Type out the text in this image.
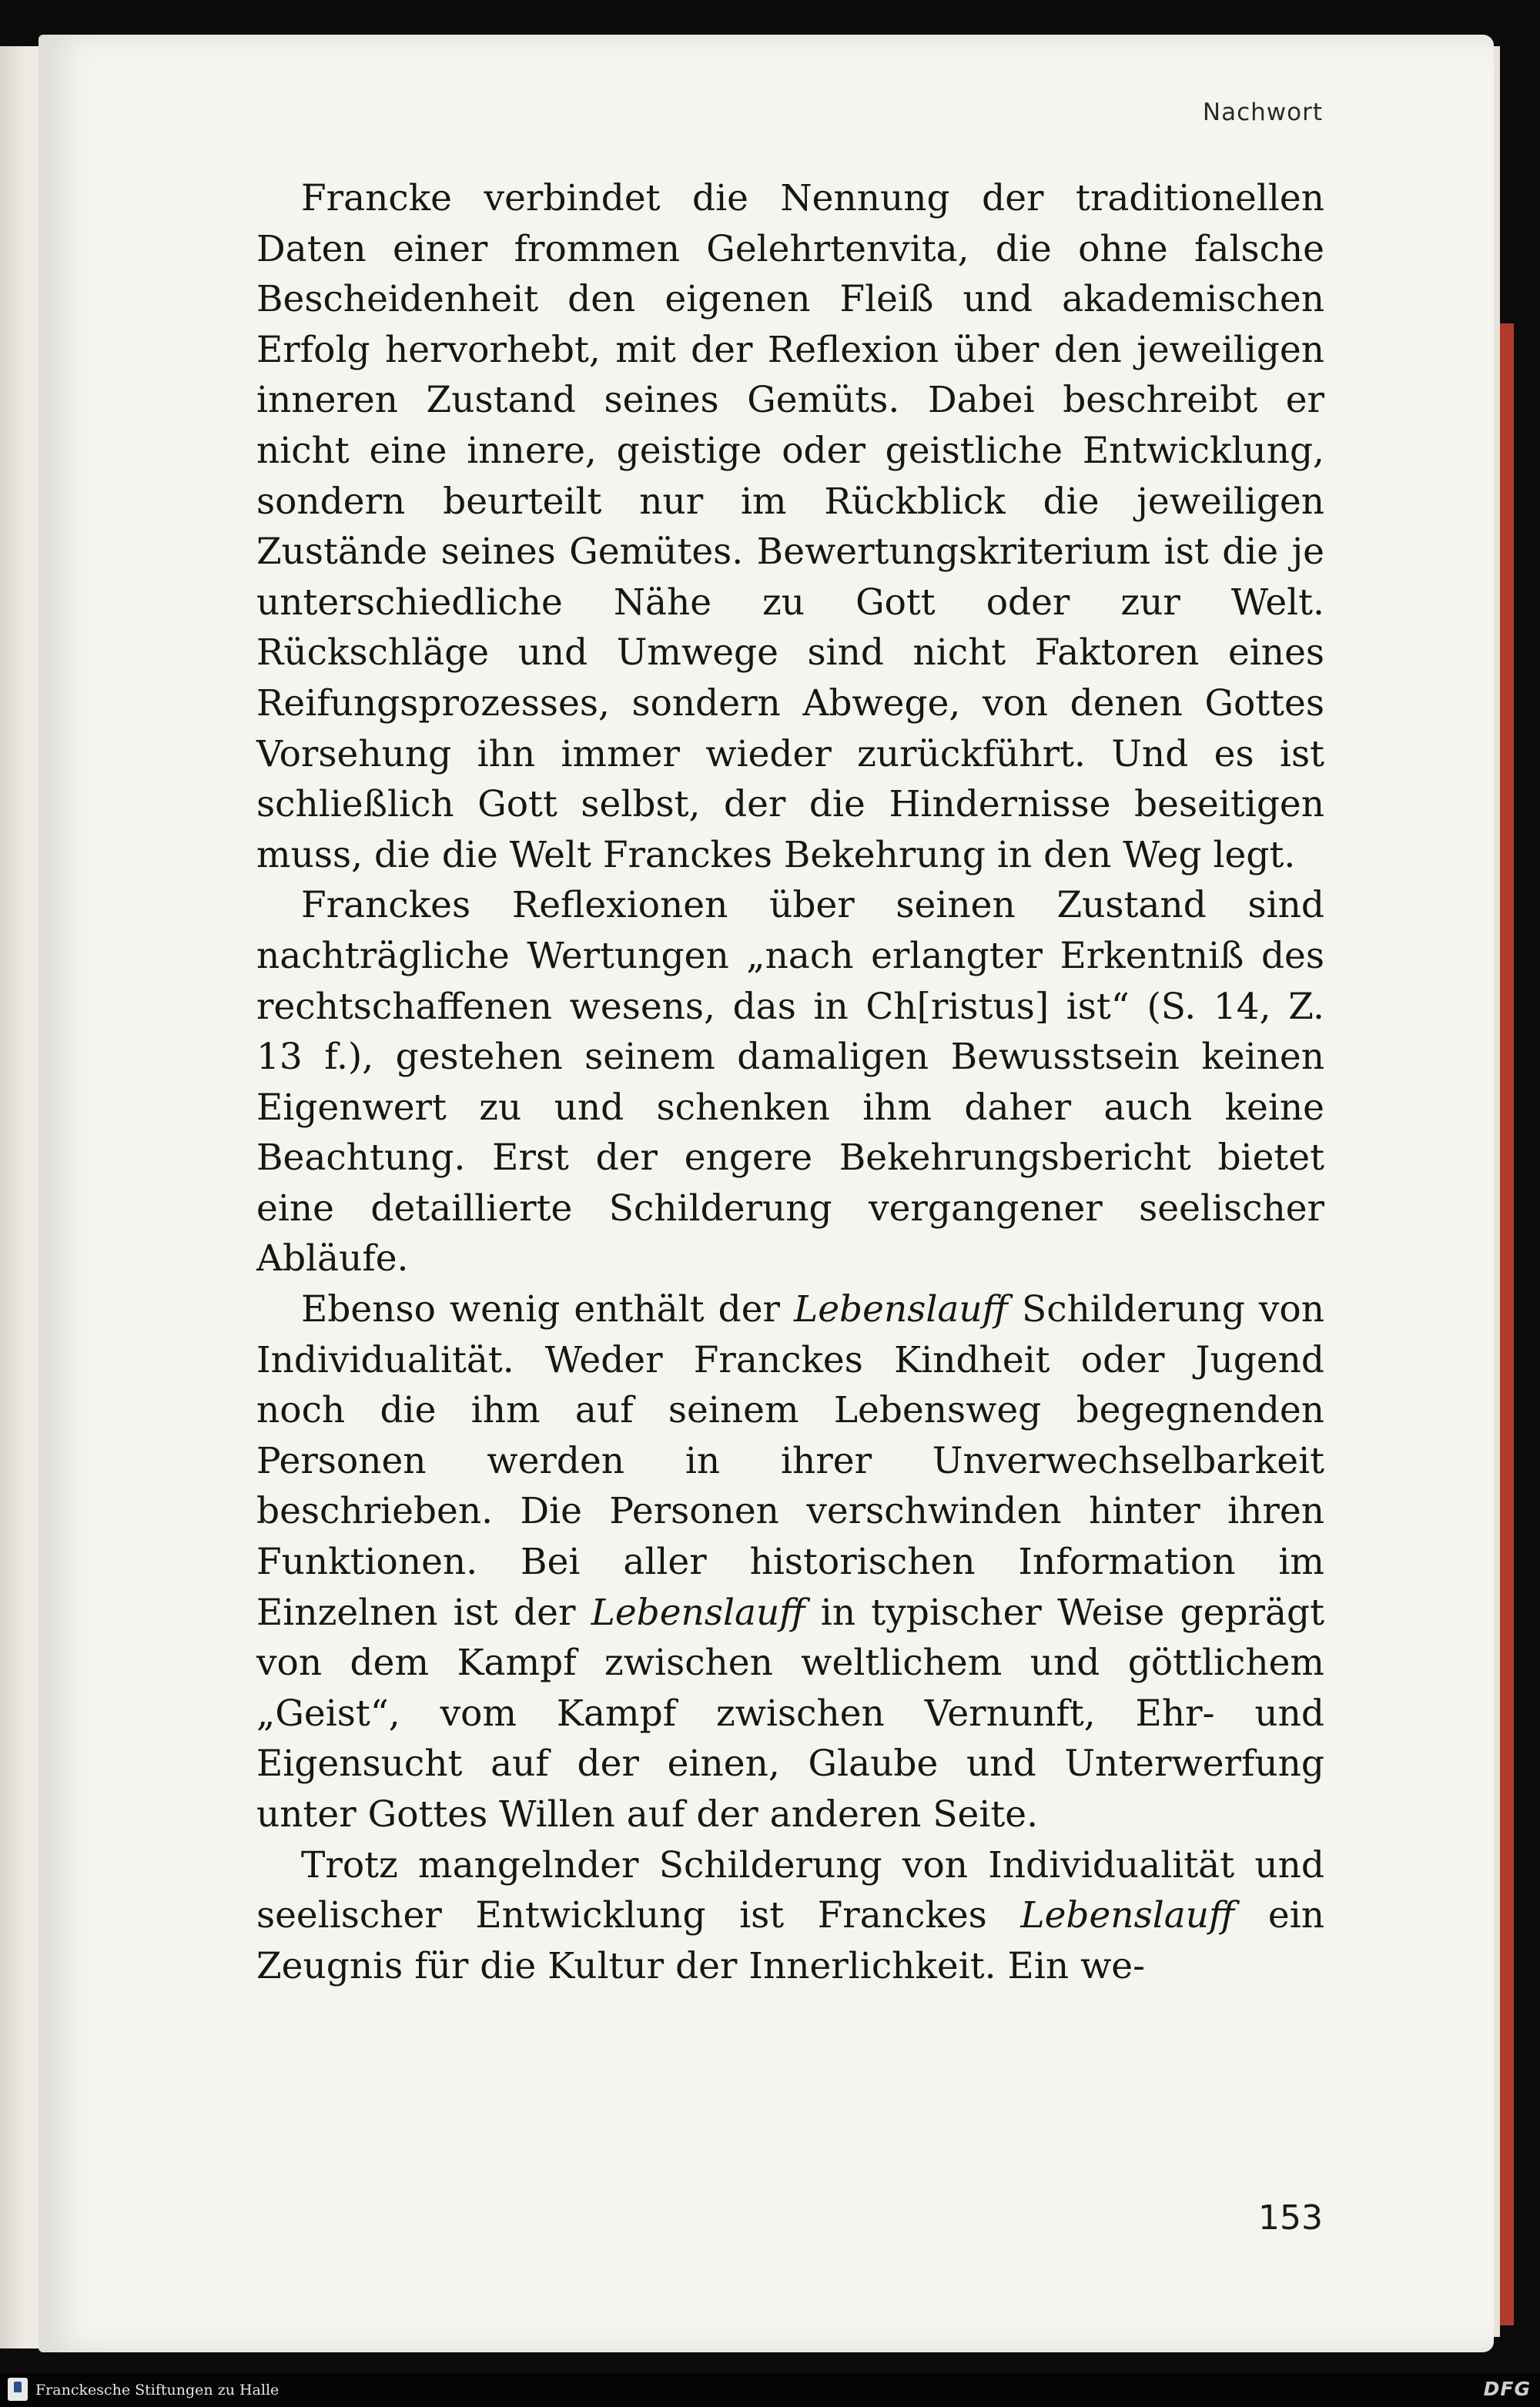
Nachwort

Francke verbindet die Nennung der traditionellen Daten einer frommen Gelehrtenvita, die ohne falsche Bescheidenheit den eigenen Fleiß und akademischen Erfolg hervorhebt, mit der Reflexion über den jeweiligen inneren Zustand seines Gemüts. Dabei beschreibt er nicht eine innere, geistige oder geistliche Entwicklung, sondern beurteilt nur im Rückblick die jeweiligen Zustände seines Gemütes. Bewertungskriterium ist die je unterschiedliche Nähe zu Gott oder zur Welt. Rückschläge und Umwege sind nicht Faktoren eines Reifungsprozesses, sondern Abwege, von denen Gottes Vorsehung ihn immer wieder zurückführt. Und es ist schließlich Gott selbst, der die Hindernisse beseitigen muss, die die Welt Franckes Bekehrung in den Weg legt.

Franckes Reflexionen über seinen Zustand sind nachträgliche Wertungen „nach erlangter Erkentniß des rechtschaffenen wesens, das in Ch[ristus] ist“ (S. 14, Z. 13 f.), gestehen seinem damaligen Bewusstsein keinen Eigenwert zu und schenken ihm daher auch keine Beachtung. Erst der engere Bekehrungsbericht bietet eine detaillierte Schilderung vergangener seelischer Abläufe.

Ebenso wenig enthält der Lebenslauff Schilderung von Individualität. Weder Franckes Kindheit oder Jugend noch die ihm auf seinem Lebensweg begegnenden Personen werden in ihrer Unverwechselbarkeit beschrieben. Die Personen verschwinden hinter ihren Funktionen. Bei aller historischen Information im Einzelnen ist der Lebenslauff in typischer Weise geprägt von dem Kampf zwischen weltlichem und göttlichem „Geist“, vom Kampf zwischen Vernunft, Ehr- und Eigensucht auf der einen, Glaube und Unterwerfung unter Gottes Willen auf der anderen Seite.

Trotz mangelnder Schilderung von Individualität und seelischer Entwicklung ist Franckes Lebenslauff ein Zeugnis für die Kultur der Innerlichkeit. Ein we-

153
Franckesche Stiftungen zu Halle	DFG
